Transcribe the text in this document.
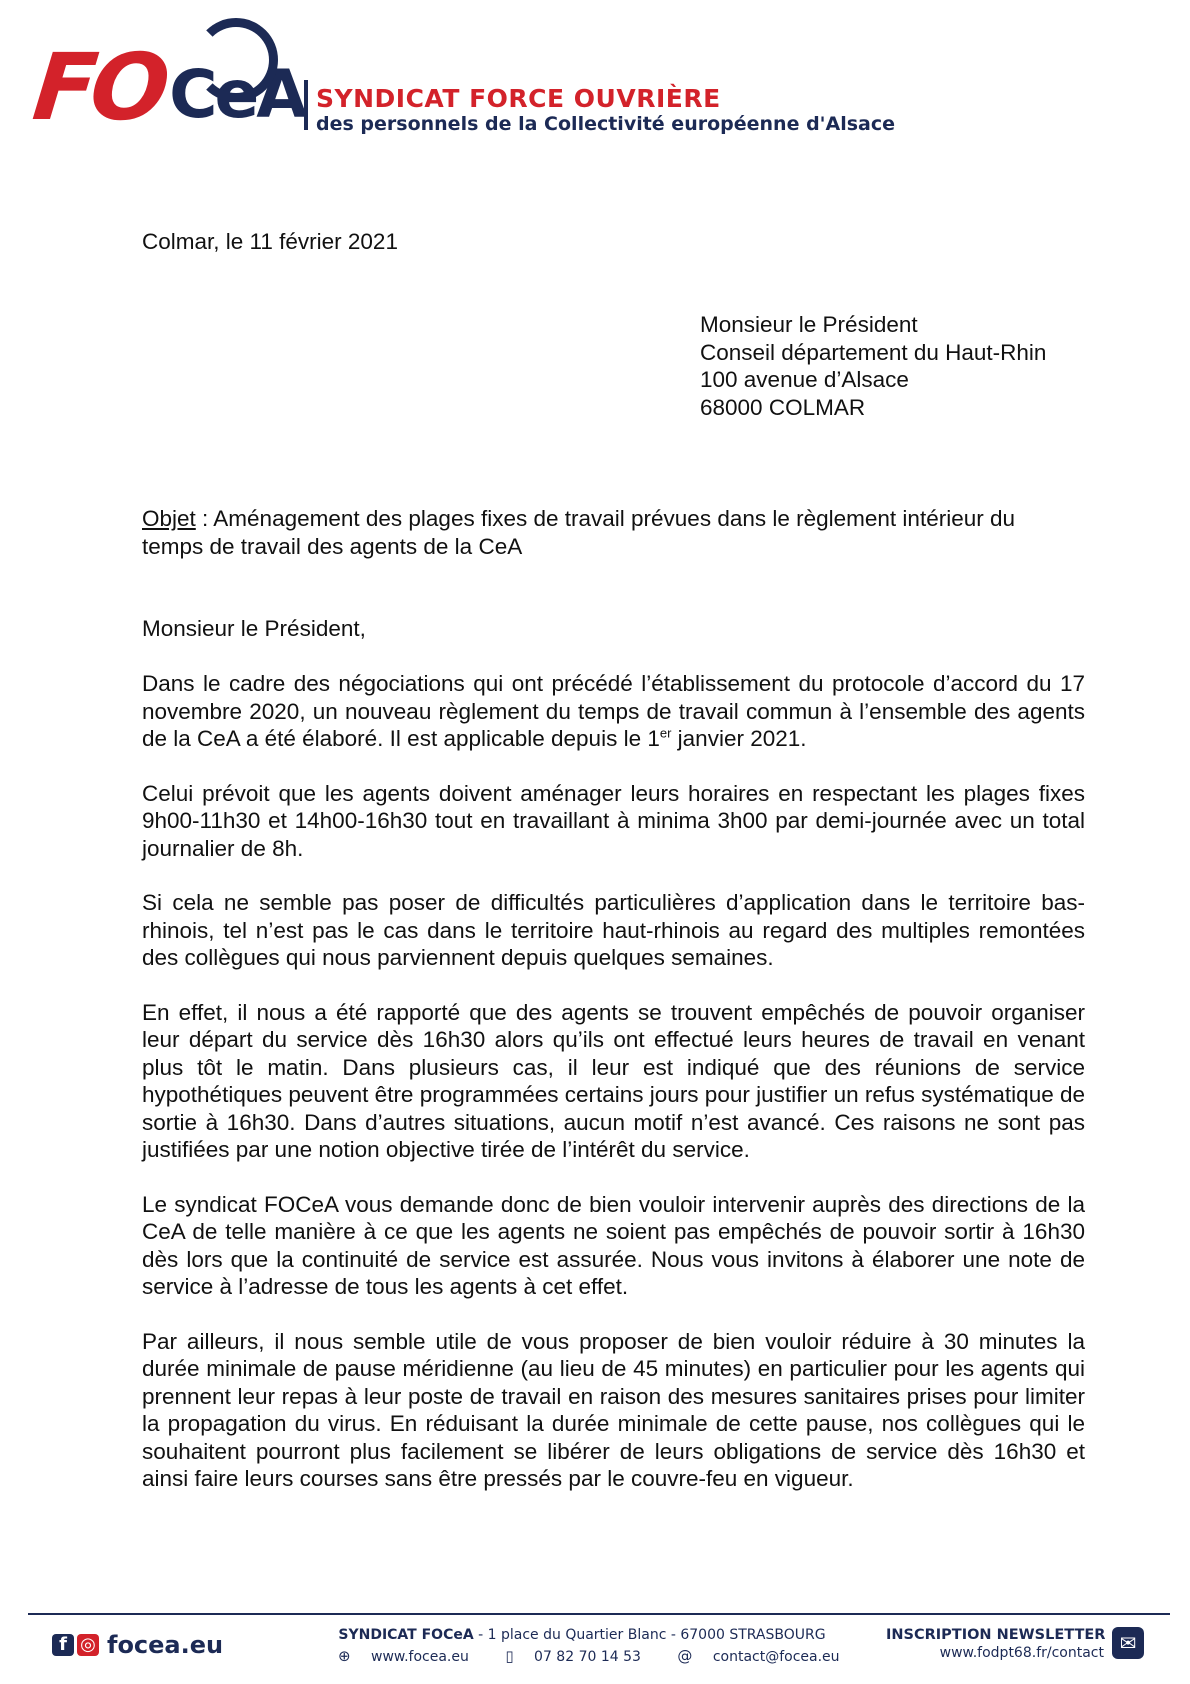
FO CeA SYNDICAT FORCE OUVRIÈRE
des personnels de la Collectivité européenne d'Alsace
Colmar, le 11 février 2021
Monsieur le Président
Conseil département du Haut-Rhin
100 avenue d’Alsace
68000 COLMAR
Objet : Aménagement des plages fixes de travail prévues dans le règlement intérieur du temps de travail des agents de la CeA
Monsieur le Président,

Dans le cadre des négociations qui ont précédé l’établissement du protocole d’accord du 17 novembre 2020, un nouveau règlement du temps de travail commun à l’ensemble des agents de la CeA a été élaboré. Il est applicable depuis le 1er janvier 2021.

Celui prévoit que les agents doivent aménager leurs horaires en respectant les plages fixes 9h00-11h30 et 14h00-16h30 tout en travaillant à minima 3h00 par demi-journée avec un total journalier de 8h.

Si cela ne semble pas poser de difficultés particulières d’application dans le territoire bas-rhinois, tel n’est pas le cas dans le territoire haut-rhinois au regard des multiples remontées des collègues qui nous parviennent depuis quelques semaines.

En effet, il nous a été rapporté que des agents se trouvent empêchés de pouvoir organiser leur départ du service dès 16h30 alors qu’ils ont effectué leurs heures de travail en venant plus tôt le matin. Dans plusieurs cas, il leur est indiqué que des réunions de service hypothétiques peuvent être programmées certains jours pour justifier un refus systématique de sortie à 16h30. Dans d’autres situations, aucun motif n’est avancé. Ces raisons ne sont pas justifiées par une notion objective tirée de l’intérêt du service.

Le syndicat FOCeA vous demande donc de bien vouloir intervenir auprès des directions de la CeA de telle manière à ce que les agents ne soient pas empêchés de pouvoir sortir à 16h30 dès lors que la continuité de service est assurée. Nous vous invitons à élaborer une note de service à l’adresse de tous les agents à cet effet.

Par ailleurs, il nous semble utile de vous proposer de bien vouloir réduire à 30 minutes la durée minimale de pause méridienne (au lieu de 45 minutes) en particulier pour les agents qui prennent leur repas à leur poste de travail en raison des mesures sanitaires prises pour limiter la propagation du virus. En réduisant la durée minimale de cette pause, nos collègues qui le souhaitent pourront plus facilement se libérer de leurs obligations de service dès 16h30 et ainsi faire leurs courses sans être pressés par le couvre-feu en vigueur.

f ◎ focea.eu	SYNDICAT FOCeA - 1 place du Quartier Blanc - 67000 STRASBOURG
⊕ www.focea.eu ▯ 07 82 70 14 53 @ contact@focea.eu
INSCRIPTION NEWSLETTER
www.fodpt68.fr/contact ✉
